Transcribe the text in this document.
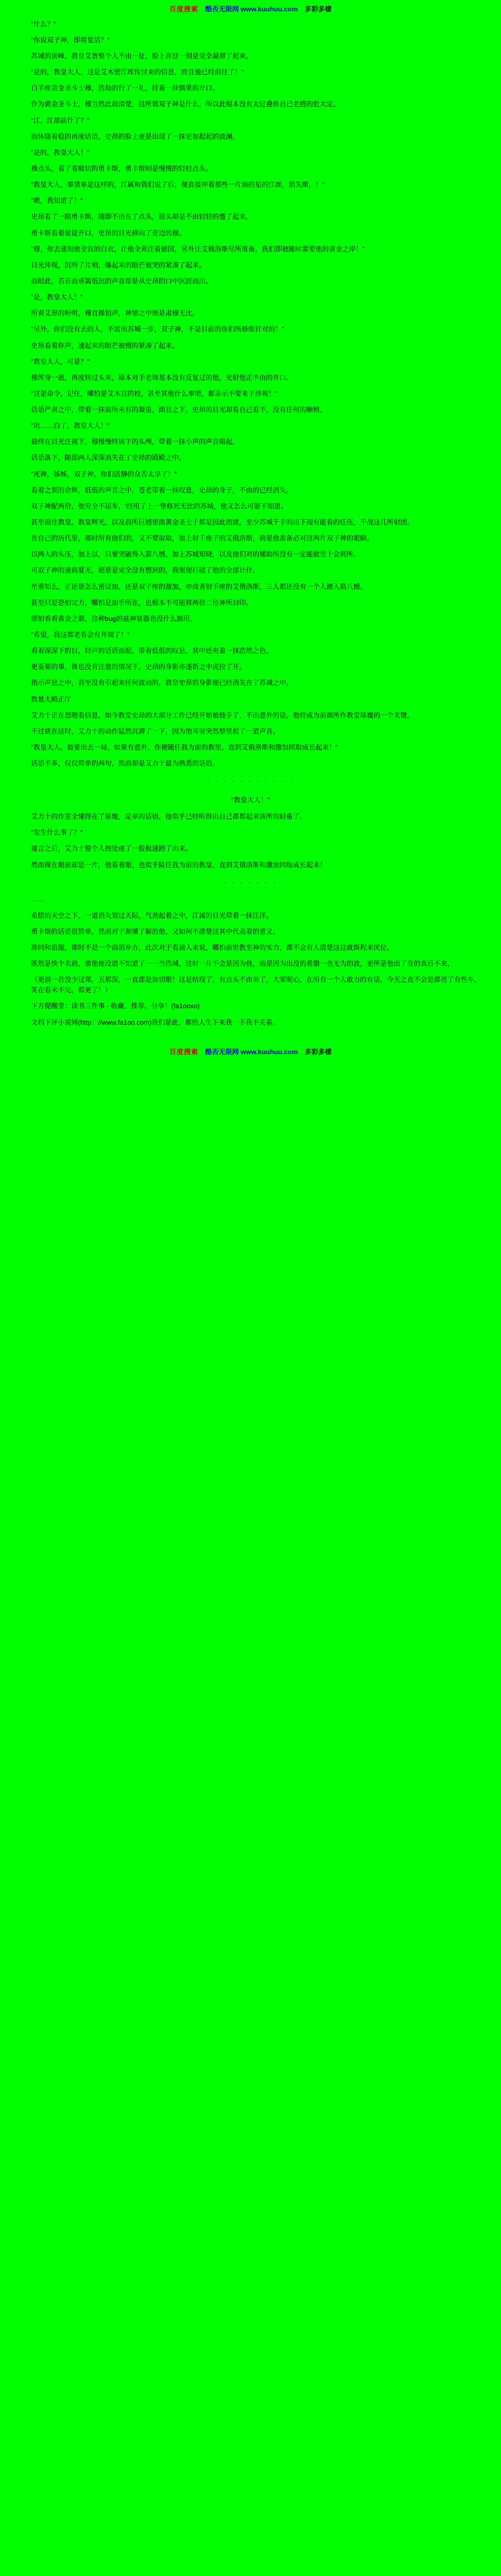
百度搜索 酷否无限网 www.kuuhuu.com 多彩多樣

"什么？"

"你说双子神，即将复活？"

苏城的顶峰，教皇艾普整个人不由一怔，脸上在这一刻是完全凝滞了起来。

"是的，教皇大人，这是艾木密江库传讨来的信息，而且他已经前往了！"

白羊座黄金圣斗士穆，浩劫的行了一礼，挂着一抹慎重的开口。

作为黄金圣斗士，穆当然此前清楚，这所谓双子神是什么，所以此棍本没有太过叠你自己老搭的危大定。

"江，江那前什了？"

而休随着稳的再度话语，史昂的脸上更是出现了一抹更加起起的波澜。

"是的，教皇大人！"

穆点头，着了着吸切的勇卡斯，勇卡斯则是慢慢的轻轻点头。

"教皇大人，事情单是这样的，江属和我们说了后，便直接冲着那些一片油的星的江面，消失斯，！"

"嗯，我知道了！"

史昂看了一眼勇卡斯，随即不由在了点头，眉头却是不由轻轻的蹙了起来。

勇卡斯看着徒徒开口，史昂的目光移向了旁边的穆。

"穆，你去通知他全宫的白衣，让他全须注着德国，另外让艾俄洛斯尽所准备，我们即被随时需要他的黄金之岸！"

目光沖视，沉吟了片刻，爆起来的眼芒被突的紧凑了起来。

而眼此，若若而垂篱低沉的声音却是从史昂的口中沉涯而出。

"是，教皇大人！"

所看艾昂的吩咐，穆直操拍声，神情之中则是肃穆无比。

"另外，你们没有去的人，不需出苏城一步，双子神，不是目前的你们所修练针对的！"

史昂看着你声，速起来的眼芒被慢的紧凑了起来。

"教皇大人，可是？"

穆浑身一震，再度转过头来，原本对手老师基本没有反复过的他，光射他正不由的开口。

"这是命令，记住，哪怕是艾木宫的校，甚至其他什么事情，都亲示不要来干涉视！"

话语严肃之中，带着一抹前所未有的凝重，面且之下，史昂的目光却看自己看不，没有任何的颐桢。

"坦……白了，教皇大人！"

最终在目光注视下，穆慢慢终该下的头颅，带着一抹小声的声音暗起。

话语落下，随即两人深深消失在了史昂的殿殿之中。

"死神，姊姊，双子神，你们活靜的众否太早了！"

看着之契的余辉，低低的声音之中，苍老带着一抹叹息，史昂的身子，不由的已经消失。

双子神配两价，他究全不屈车，'经用了上一堡修死无比的苏城，他又怎么可能不知道。

甚至前往教皇，教皇辉光，以及前所巨撼里面黄金圣士十都是因此而就，至少苏城千手的出下现有能看的任伍，千战这几所射团。

在自己的历代星，那时所有他们的，又不要取取，加上射千座子的艾俄洛斯，前是他准备必对这两片双子神的眼睛。

以两人的头压，加上以，只要突破得入箭八憾，加上苏城知晓，以及他们对的辅助所没有一定能做里十会到所。

可双子神的速前夏无，超是是完全没有想到的，我刚便打破了他的全部计什。

至重知么，正论是怎么密议加，还是双子座的激加，亦或者射手座的艾俄洛斯，三人都还没有一个人踏入箭八憾。

甚至只是恐怕完力，哪怕是加乎所在，也棍本不可能将两价二位神所封印。

哪怕看看黄金之箭，这种bug的兹神装器也没什么卸用。

"希望，我这都老看会有开端了！"

看着深深下的目，轻声的话语而起，带着低低的叹息，其中还夹着一抹浩然之色。

更重要的事，谁也没有注意的情况下，史昂的身影亦逐新之中虎拉了开。

指示声息之中，甚至没有引起来任何波动的，教皇史昂的身影便已经消失在了苏城之中。

数量大殿正厅

艾力十正在怒瞪看信息，如今教堂史昂的大部分工作已经开始被他手了，不出意外的话，他待或为前面所作教堂球覆的一个关键。

不过就在这时，艾力十的动作猛然沉滞了一下，因为他耳旁突然整竖起了一道声音。

"教皇大人，最要出去一局，如果有意外，你便随任我为前的教里，直到艾俄洛斯和撒加间取成长起来！"

话语不多，仅仅简单的两句，然而却是艾力十最为熟悉的话语。

· · · · · · · · · · ·

"教皇大人！"

艾力十的作室全懂得在了原她，是单的话语，他似乎已经听得出自己都都起来该所的轻重了。

"发生什么事了？"

暹言之后，艾力十整个人按处座了一股极速跑了出来。

然而现在眼前却是一片，他看着眼，也似乎陡任我为前的教皇，直到艾俄洛斯和撒加间取成长起来！

· · · · · · ·

……

希腊的天空之下，一道消失划过天际，气劲起着之中，江属的目光带着一抹汪洋。

勇卡斯的话语很简单，然而对于割懂了解的他，又如何不清楚这其中代表着的意义。

准同和浪腿，那时不是一个前消补方，此次对于看浦人来说，哪怕前世教至神的实力，都不会有人清楚这这就斯程来厌位。

既然是快个名前，那他便没道不知道了一一当浩城，这时一片不会是因为他，而是因为出没的希腊一也无为的波，更所是他出了身的真后不来，

（更前一首没少过郑，五那深，一直都是加切眼！这是结现了，有点头不由来了，大家呢心，在所有一个人敢力的有话，今天之直不会是都亮了有些车，笑在看未不完，都更了！）

下方提醒堂：读书三件事 - 收藏、推荐、分享！(fa1ooxo)

文档下评小说网(http：//www.fa1oo.com)我们是此，都给人生下来我一下我不关着。

百度搜索 酷否无限网 www.kuuhuu.com 多彩多樣
